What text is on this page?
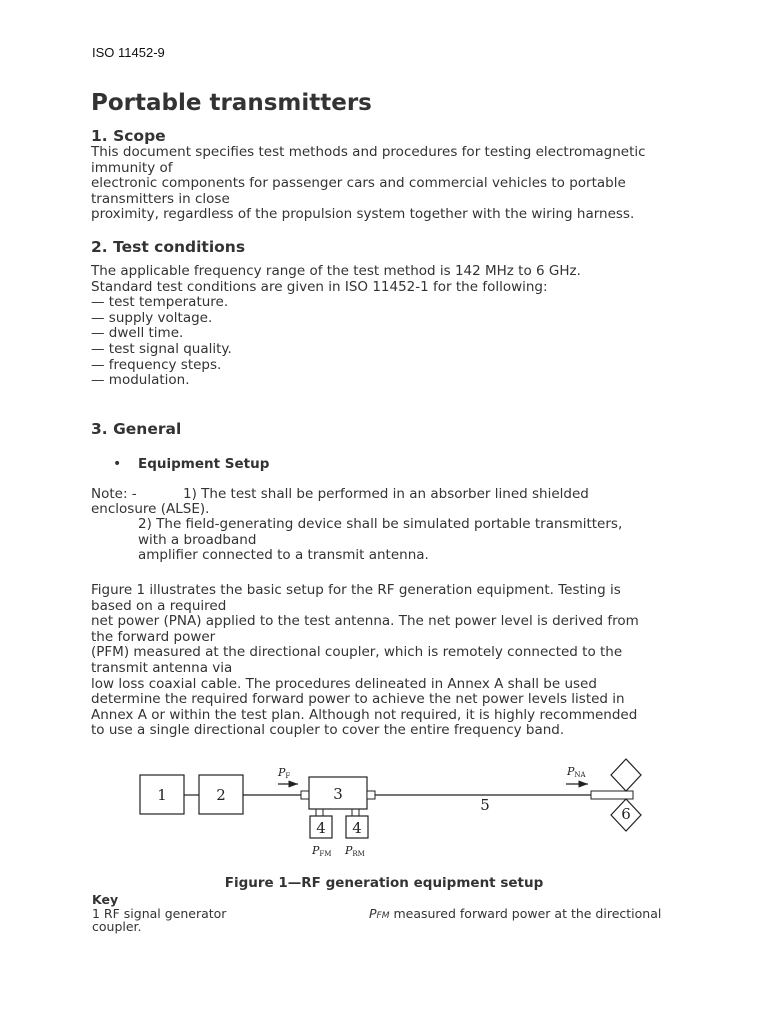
ISO 11452-9
Portable transmitters
1. Scope
This document specifies test methods and procedures for testing electromagnetic
immunity of
electronic components for passenger cars and commercial vehicles to portable
transmitters in close
proximity, regardless of the propulsion system together with the wiring harness.
2. Test conditions
The applicable frequency range of the test method is 142 MHz to 6 GHz.
Standard test conditions are given in ISO 11452-1 for the following:
— test temperature.
— supply voltage.
— dwell time.
— test signal quality.
— frequency steps.
— modulation.
3. General
• Equipment Setup
Note: -	1) The test shall be performed in an absorber lined shielded
enclosure (ALSE).
2) The field-generating device shall be simulated portable transmitters,
with a broadband
amplifier connected to a transmit antenna.
Figure 1 illustrates the basic setup for the RF generation equipment. Testing is
based on a required
net power (PNA) applied to the test antenna. The net power level is derived from
the forward power
(PFM) measured at the directional coupler, which is remotely connected to the
transmit antenna via
low loss coaxial cable. The procedures delineated in Annex A shall be used
determine the required forward power to achieve the net power levels listed in
Annex A or within the test plan. Although not required, it is highly recommended
to use a single directional coupler to cover the entire frequency band.
1	2
PF
3
4 4
PFM PRM
5
PNA
6
Figure 1—RF generation equipment setup
Key
1 RF signal generator
coupler.
PFM measured forward power at the directional
